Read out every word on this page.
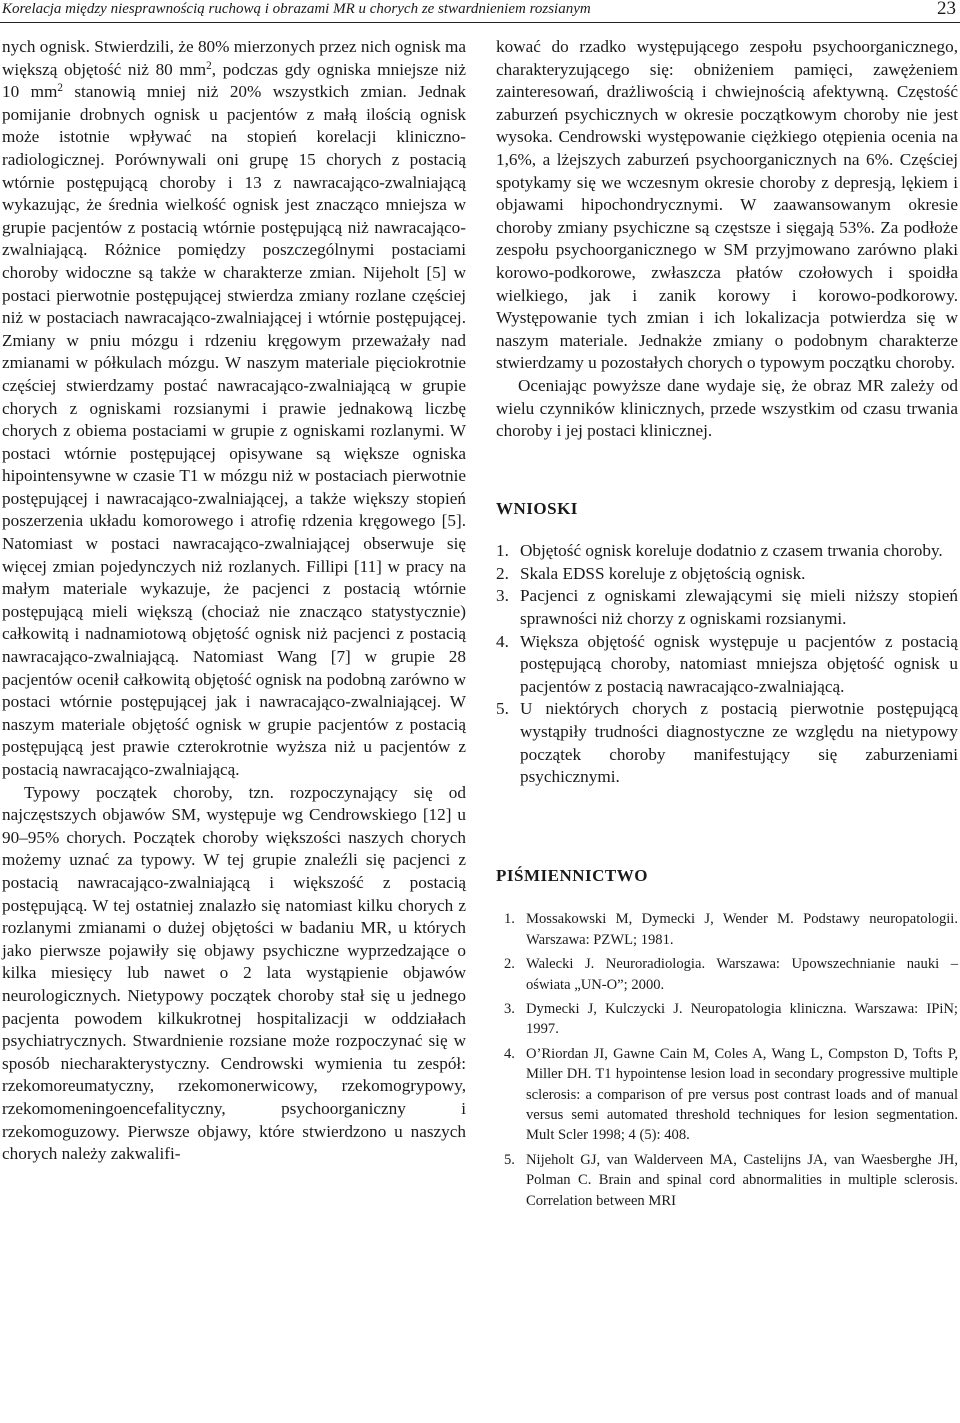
Korelacja między niesprawnością ruchową i obrazami MR u chorych ze stwardnieniem rozsianym	23

nych ognisk. Stwierdzili, że 80% mierzonych przez nich ognisk ma większą objętość niż 80 $mm^2$, podczas gdy ogniska mniejsze niż 10 $mm^2$ stanowią mniej niż 20% wszystkich zmian. Jednak pomijanie drobnych ognisk u pacjentów z małą ilością ognisk może istotnie wpływać na stopień korelacji kliniczno-radiologicznej. Porównywali oni grupę 15 chorych z postacią wtórnie postępującą choroby i 13 z nawracająco-zwalniającą wykazując, że średnia wielkość ognisk jest znacząco mniejsza w grupie pacjentów z postacią wtórnie postępującą niż nawracająco-zwalniającą. Różnice pomiędzy poszczególnymi postaciami choroby widoczne są także w charakterze zmian. Nijeholt [5] w postaci pierwotnie postępującej stwierdza zmiany rozlane częściej niż w postaciach nawracająco-zwalniającej i wtórnie postępującej. Zmiany w pniu mózgu i rdzeniu kręgowym przeważały nad zmianami w półkulach mózgu. W naszym materiale pięciokrotnie częściej stwierdzamy postać nawracająco-zwalniającą w grupie chorych z ogniskami rozsianymi i prawie jednakową liczbę chorych z obiema postaciami w grupie z ogniskami rozlanymi. W postaci wtórnie postępującej opisywane są większe ogniska hipointensywne w czasie T1 w mózgu niż w postaciach pierwotnie postępującej i nawracająco-zwalniającej, a także większy stopień poszerzenia układu komorowego i atrofię rdzenia kręgowego [5]. Natomiast w postaci nawracająco-zwalniającej obserwuje się więcej zmian pojedynczych niż rozlanych. Fillipi [11] w pracy na małym materiale wykazuje, że pacjenci z postacią wtórnie postępującą mieli większą (chociaż nie znacząco statystycznie) całkowitą i nadnamiotową objętość ognisk niż pacjenci z postacią nawracająco-zwalniającą. Natomiast Wang [7] w grupie 28 pacjentów ocenił całkowitą objętość ognisk na podobną zarówno w postaci wtórnie postępującej jak i nawracająco-zwalniającej. W naszym materiale objętość ognisk w grupie pacjentów z postacią postępującą jest prawie czterokrotnie wyższa niż u pacjentów z postacią nawracająco-zwalniającą.

Typowy początek choroby, tzn. rozpoczynający się od najczęstszych objawów SM, występuje wg Cendrowskiego [12] u 90–95% chorych. Początek choroby większości naszych chorych możemy uznać za typowy. W tej grupie znaleźli się pacjenci z postacią nawracająco-zwalniającą i większość z postacią postępującą. W tej ostatniej znalazło się natomiast kilku chorych z rozlanymi zmianami o dużej objętości w badaniu MR, u których jako pierwsze pojawiły się objawy psychiczne wyprzedzające o kilka miesięcy lub nawet o 2 lata wystąpienie objawów neurologicznych. Nietypowy początek choroby stał się u jednego pacjenta powodem kilkukrotnej hospitalizacji w oddziałach psychiatrycznych. Stwardnienie rozsiane może rozpoczynać się w sposób niecharakterystyczny. Cendrowski wymienia tu zespół: rzekomoreumatyczny, rzekomonerwicowy, rzekomogrypowy, rzekomomeningoencefalityczny, psychoorganiczny i rzekomoguzowy. Pierwsze objawy, które stwierdzono u naszych chorych należy zakwalifi-

kować do rzadko występującego zespołu psychoorganicznego, charakteryzującego się: obniżeniem pamięci, zawężeniem zainteresowań, drażliwością i chwiejnością afektywną. Częstość zaburzeń psychicznych w okresie początkowym choroby nie jest wysoka. Cendrowski występowanie ciężkiego otępienia ocenia na 1,6%, a lżejszych zaburzeń psychoorganicznych na 6%. Częściej spotykamy się we wczesnym okresie choroby z depresją, lękiem i objawami hipochondrycznymi. W zaawansowanym okresie choroby zmiany psychiczne są częstsze i sięgają 53%. Za podłoże zespołu psychoorganicznego w SM przyjmowano zarówno plaki korowo-podkorowe, zwłaszcza płatów czołowych i spoidła wielkiego, jak i zanik korowy i korowo-podkorowy. Występowanie tych zmian i ich lokalizacja potwierdza się w naszym materiale. Jednakże zmiany o podobnym charakterze stwierdzamy u pozostałych chorych o typowym początku choroby.

Oceniając powyższe dane wydaje się, że obraz MR zależy od wielu czynników klinicznych, przede wszystkim od czasu trwania choroby i jej postaci klinicznej.

WNIOSKI
1. Objętość ognisk koreluje dodatnio z czasem trwania choroby.
2. Skala EDSS koreluje z objętością ognisk.
3. Pacjenci z ogniskami zlewającymi się mieli niższy stopień sprawności niż chorzy z ogniskami rozsianymi.
4. Większa objętość ognisk występuje u pacjentów z postacią postępującą choroby, natomiast mniejsza objętość ognisk u pacjentów z postacią nawracająco-zwalniającą.
5. U niektórych chorych z postacią pierwotnie postępującą wystąpiły trudności diagnostyczne ze względu na nietypowy początek choroby manifestujący się zaburzeniami psychicznymi.
PIŚMIENNICTWO
1. Mossakowski M, Dymecki J, Wender M. Podstawy neuropatologii. Warszawa: PZWL; 1981.
2. Walecki J. Neuroradiologia. Warszawa: Upowszechnianie nauki – oświata „UN-O”; 2000.
3. Dymecki J, Kulczycki J. Neuropatologia kliniczna. Warszawa: IPiN; 1997.
4. O’Riordan JI, Gawne Cain M, Coles A, Wang L, Compston D, Tofts P, Miller DH. T1 hypointense lesion load in secondary progressive multiple sclerosis: a comparison of pre versus post contrast loads and of manual versus semi automated threshold techniques for lesion segmentation. Mult Scler 1998; 4 (5): 408.
5. Nijeholt GJ, van Walderveen MA, Castelijns JA, van Waesberghe JH, Polman C. Brain and spinal cord abnormalities in multiple sclerosis. Correlation between MRI
